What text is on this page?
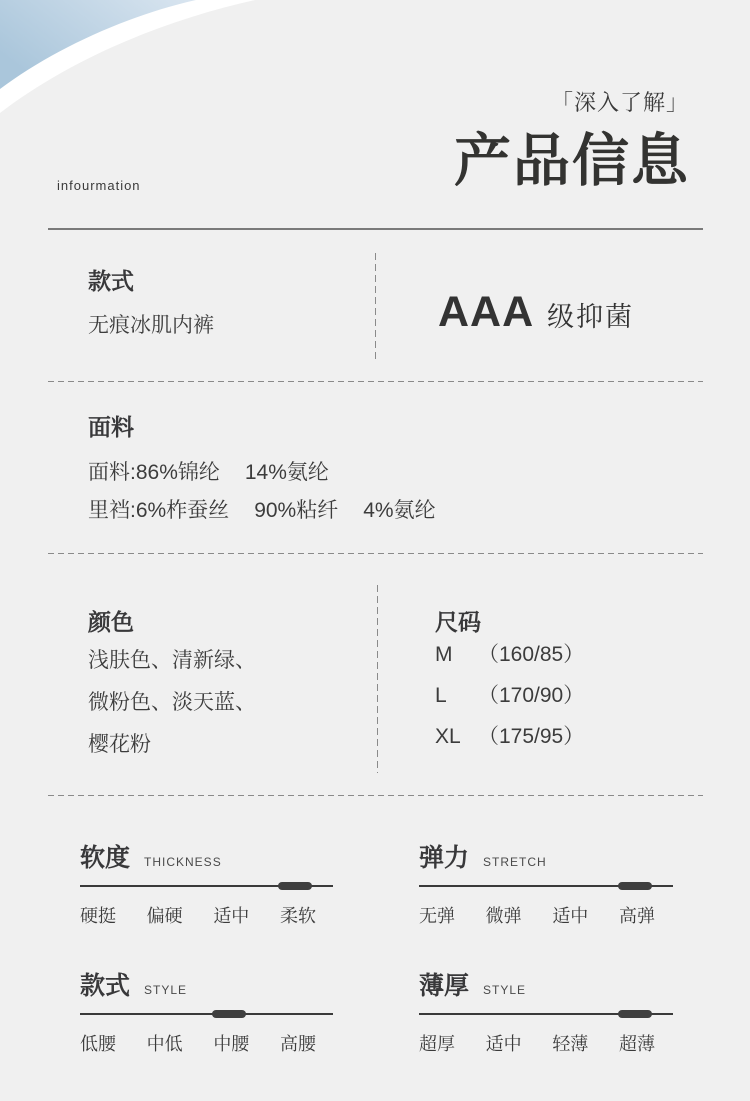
「深入了解」
产品信息
infourmation
款式
无痕冰肌内裤	AAA 级抑菌
面料
面料:86%锦纶 14%氨纶
里裆:6%柞蚕丝 90%粘纤 4%氨纶
颜色
浅肤色、清新绿、
微粉色、淡天蓝、
樱花粉
尺码
M	（160/85）
L	（170/90）
XL （175/95）
软度 THICKNESS
硬挺 偏硬 适中 柔软
弹力 STRETCH
无弹 微弹 适中 高弹
款式 STYLE
低腰 中低 中腰 高腰
薄厚 STYLE
超厚 适中 轻薄 超薄
